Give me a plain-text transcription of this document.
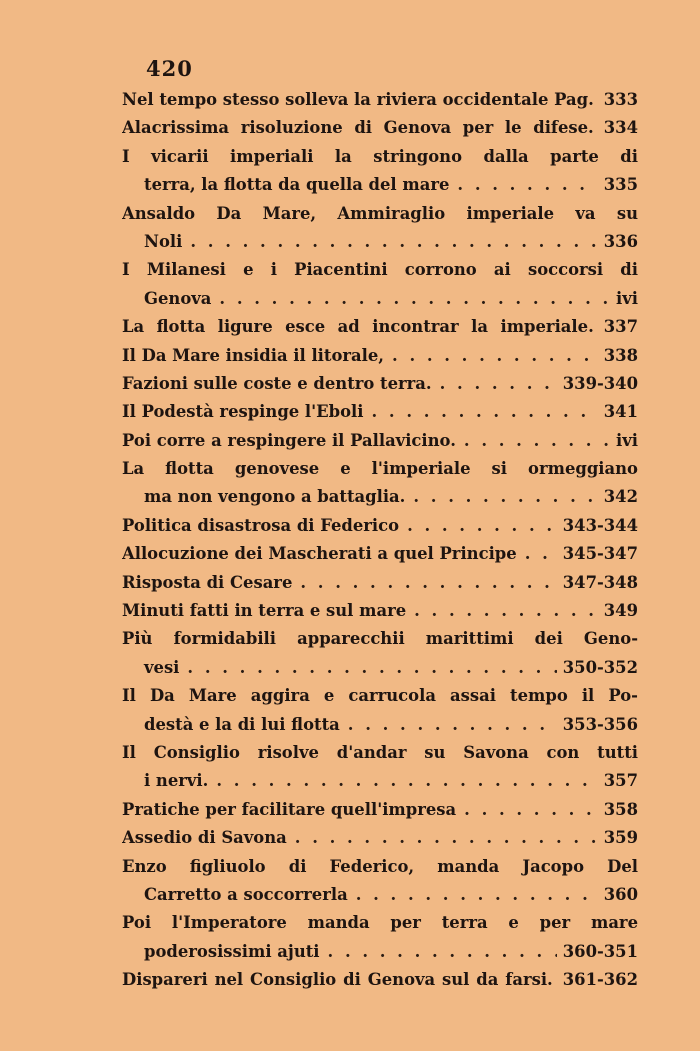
420
Nel tempo stesso solleva la riviera occidentale Pag. 333
Alacrissima risoluzione di Genova per le difese. 334
I vicarii imperiali la stringono dalla parte di
terra, la flotta da quella del mare . . .	335
Ansaldo Da Mare, Ammiraglio imperiale va su
Noli . . .	336
I Milanesi e i Piacentini corrono ai soccorsi di
Genova . . .	ivi
La flotta ligure esce ad incontrar la imperiale. 337
Il Da Mare insidia il litorale, . . .	338
Fazioni sulle coste e dentro terra. . . .	339-340
Il Podestà respinge l'Eboli . . .	341
Poi corre a respingere il Pallavicino. . . .	ivi
La flotta genovese e l'imperiale si ormeggiano
ma non vengono a battaglia. . . .	342
Politica disastrosa di Federico . . .	343-344
Allocuzione dei Mascherati a quel Principe . . .	345-347
Risposta di Cesare . . .	347-348
Minuti fatti in terra e sul mare . . .	349
Più formidabili apparecchii marittimi dei Geno-
vesi . . .	350-352
Il Da Mare aggira e carrucola assai tempo il Po-
destà e la di lui flotta . . .	353-356
Il Consiglio risolve d'andar su Savona con tutti
i nervi. . . .	357
Pratiche per facilitare quell'impresa . . .	358
Assedio di Savona . . .	359
Enzo figliuolo di Federico, manda Jacopo Del
Carretto a soccorrerla . . .	360
Poi l'Imperatore manda per terra e per mare
poderosissimi ajuti . . .	360-351
Dispareri nel Consiglio di Genova sul da farsi. 361-362
